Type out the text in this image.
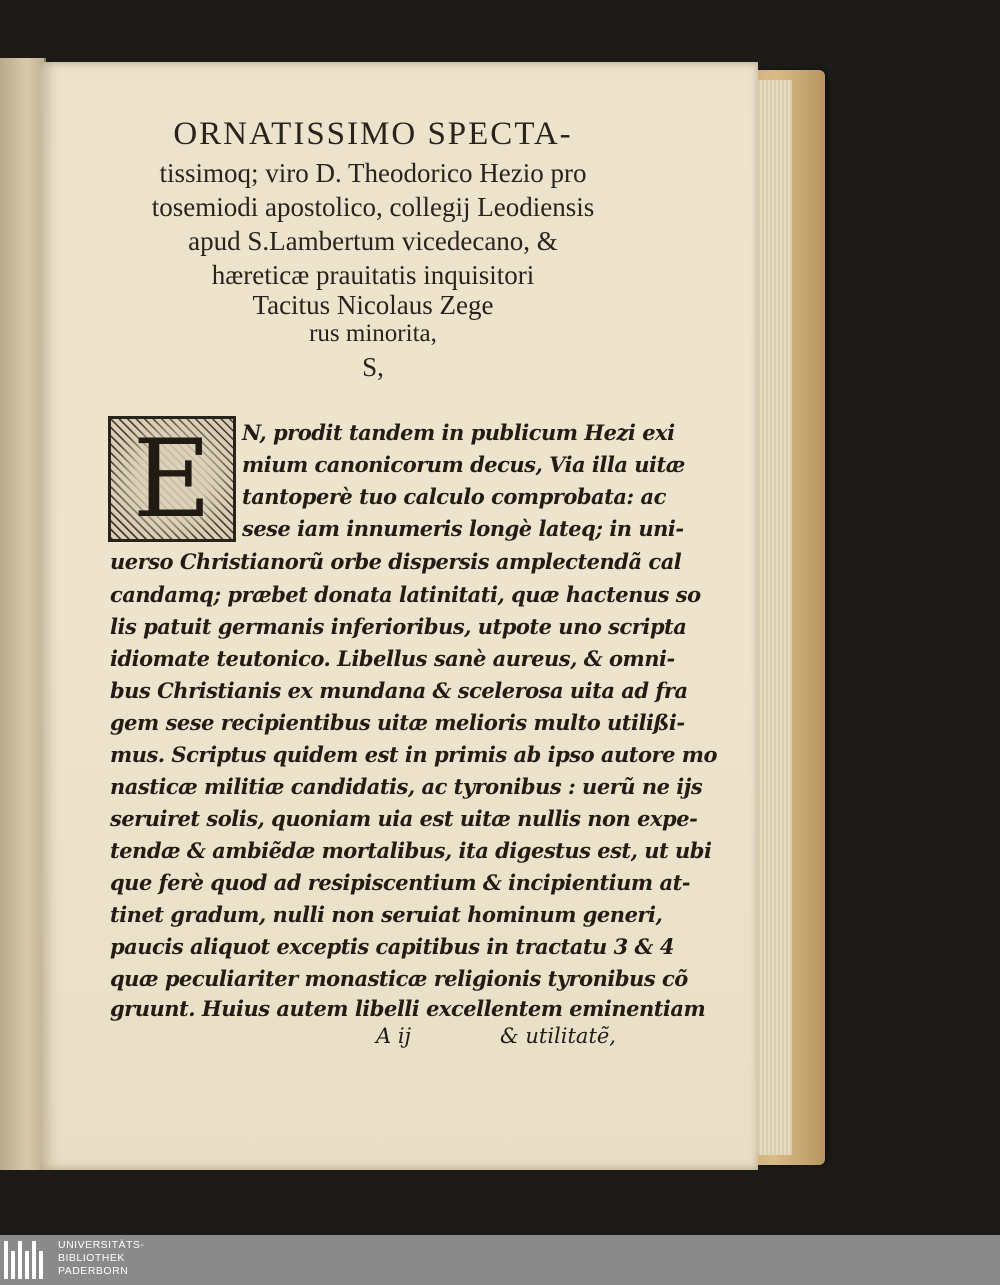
ORNATISSIMO SPECTA-
tissimoq; viro D. Theodorico Hezio pro
tosemiodi apostolico, collegij Leodiensis
apud S.Lambertum vicedecano, &
hæreticæ prauitatis inquisitori
Tacitus Nicolaus Zege
rus minorita,
S,
E	N, prodit tandem in publicum Hezi exi
mium canonicorum decus, Via illa uitæ
tantoperè tuo calculo comprobata: ac
sese iam innumeris longè lateq; in uni-
uerso Christianorũ orbe dispersis amplectendã cal
candamq; præbet donata latinitati, quæ hactenus so
lis patuit germanis inferioribus, utpote uno scripta
idiomate teutonico. Libellus sanè aureus, & omni-
bus Christianis ex mundana & scelerosa uita ad fra
gem sese recipientibus uitæ melioris multo utilißi-
mus. Scriptus quidem est in primis ab ipso autore mo
nasticæ militiæ candidatis, ac tyronibus : uerũ ne ijs
seruiret solis, quoniam uia est uitæ nullis non expe-
tendæ & ambiẽdæ mortalibus, ita digestus est, ut ubi
que ferè quod ad resipiscentium & incipientium at-
tinet gradum, nulli non seruiat hominum generi,
paucis aliquot exceptis capitibus in tractatu 3 & 4
quæ peculiariter monasticæ religionis tyronibus cõ
gruunt. Huius autem libelli excellentem eminentiam
A ij	& utilitatẽ,
UNIVERSITÄTS-
BIBLIOTHEK
PADERBORN
